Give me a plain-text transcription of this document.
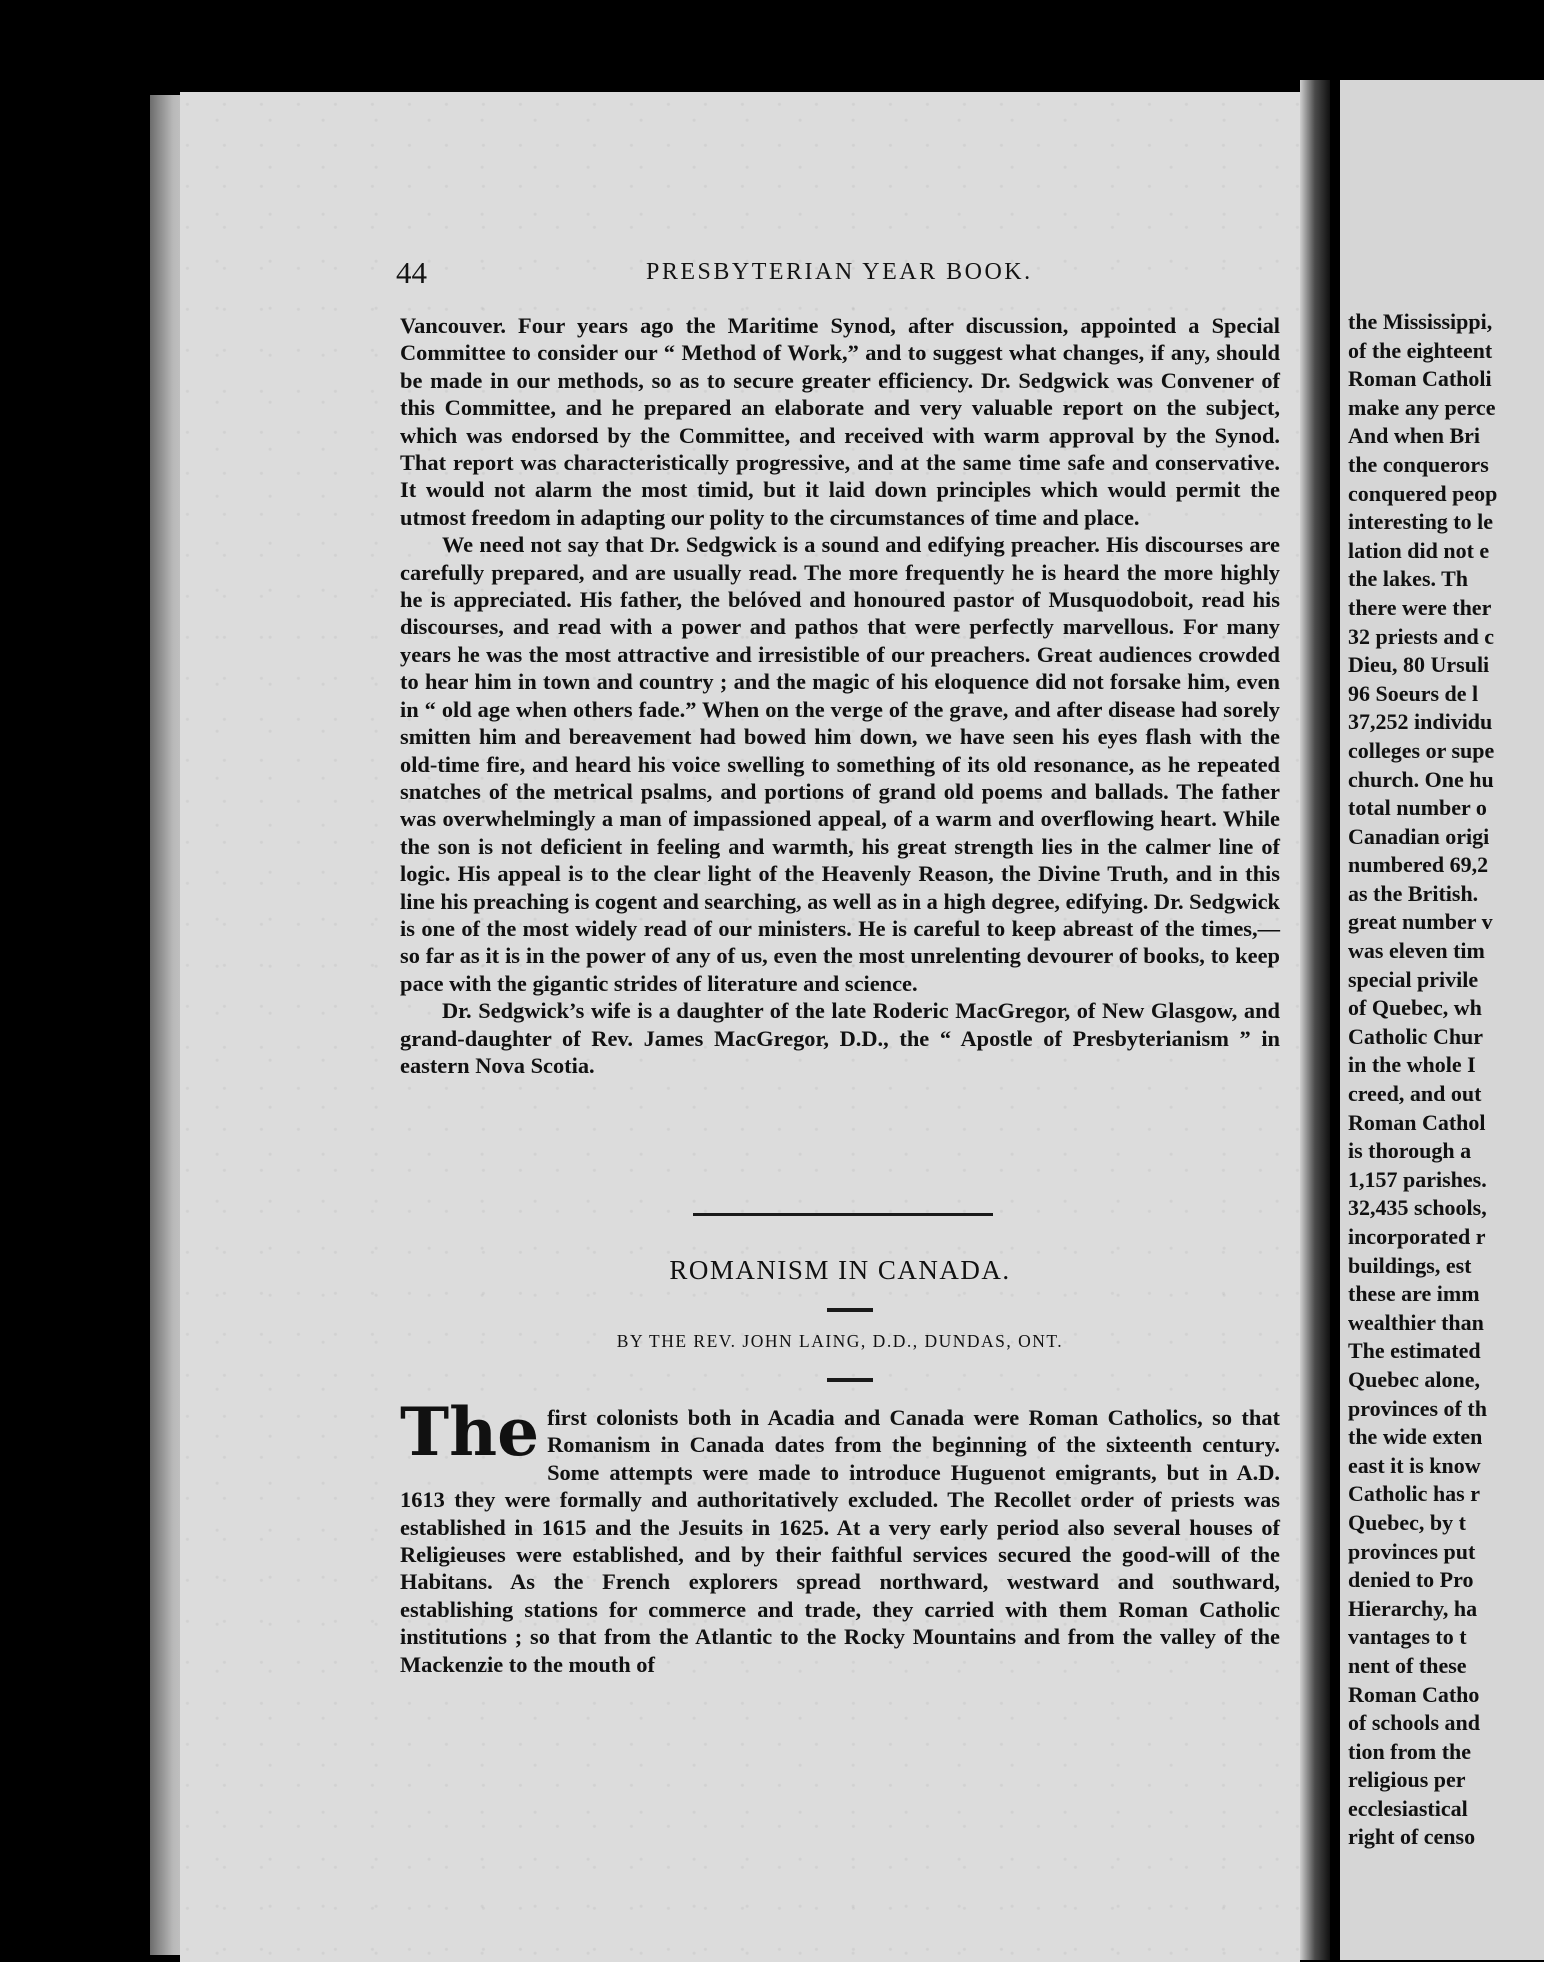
the Mississippi,
of the eighteent
Roman Catholi
make any perce
And when Bri
the conquerors
conquered peop
interesting to le
lation did not e
the lakes. Th
there were ther
32 priests and c
Dieu, 80 Ursuli
96 Soeurs de l
37,252 individu
colleges or supe
church. One hu
total number o
Canadian origi
numbered 69,2
as the British.
great number v
was eleven tim
special privile
of Quebec, wh
Catholic Chur
in the whole I
creed, and out
Roman Cathol
is thorough a
1,157 parishes.
32,435 schools,
incorporated r
buildings, est
these are imm
wealthier than
The estimated
Quebec alone,
provinces of th
the wide exten
east it is know
Catholic has r
Quebec, by t
provinces put
denied to Pro
Hierarchy, ha
vantages to t
nent of these
Roman Catho
of schools and
tion from the
religious per
ecclesiastical
right of censo
44	PRESBYTERIAN YEAR BOOK.

Vancouver. Four years ago the Maritime Synod, after discussion, appointed a Special Committee to consider our “ Method of Work,” and to suggest what changes, if any, should be made in our methods, so as to secure greater efficiency. Dr. Sedgwick was Convener of this Committee, and he prepared an elaborate and very valuable report on the subject, which was endorsed by the Committee, and received with warm approval by the Synod. That report was characteristically progressive, and at the same time safe and conservative. It would not alarm the most timid, but it laid down principles which would permit the utmost freedom in adapting our polity to the circumstances of time and place.

We need not say that Dr. Sedgwick is a sound and edifying preacher. His discourses are carefully prepared, and are usually read. The more frequently he is heard the more highly he is appreciated. His father, the belóved and honoured pastor of Musquodoboit, read his discourses, and read with a power and pathos that were perfectly marvellous. For many years he was the most attractive and irresistible of our preachers. Great audiences crowded to hear him in town and country ; and the magic of his eloquence did not forsake him, even in “ old age when others fade.” When on the verge of the grave, and after disease had sorely smitten him and bereavement had bowed him down, we have seen his eyes flash with the old-time fire, and heard his voice swelling to something of its old resonance, as he repeated snatches of the metrical psalms, and portions of grand old poems and ballads. The father was overwhelmingly a man of impassioned appeal, of a warm and overflowing heart. While the son is not deficient in feeling and warmth, his great strength lies in the calmer line of logic. His appeal is to the clear light of the Heavenly Reason, the Divine Truth, and in this line his preaching is cogent and searching, as well as in a high degree, edifying. Dr. Sedgwick is one of the most widely read of our ministers. He is careful to keep abreast of the times,—so far as it is in the power of any of us, even the most unrelenting devourer of books, to keep pace with the gigantic strides of literature and science.

Dr. Sedgwick’s wife is a daughter of the late Roderic MacGregor, of New Glasgow, and grand-daughter of Rev. James MacGregor, D.D., the “ Apostle of Presbyterianism ” in eastern Nova Scotia.

ROMANISM IN CANADA.
BY THE REV. JOHN LAING, D.D., DUNDAS, ONT.
The first colonists both in Acadia and Canada were Roman Catholics, so that Romanism in Canada dates from the beginning of the sixteenth century. Some attempts were made to introduce Huguenot emigrants, but in A.D. 1613 they were formally and authoritatively excluded. The Recollet order of priests was established in 1615 and the Jesuits in 1625. At a very early period also several houses of Religieuses were established, and by their faithful services secured the good-will of the Habitans. As the French explorers spread northward, westward and southward, establishing stations for commerce and trade, they carried with them Roman Catholic institutions ; so that from the Atlantic to the Rocky Mountains and from the valley of the Mackenzie to the mouth of
